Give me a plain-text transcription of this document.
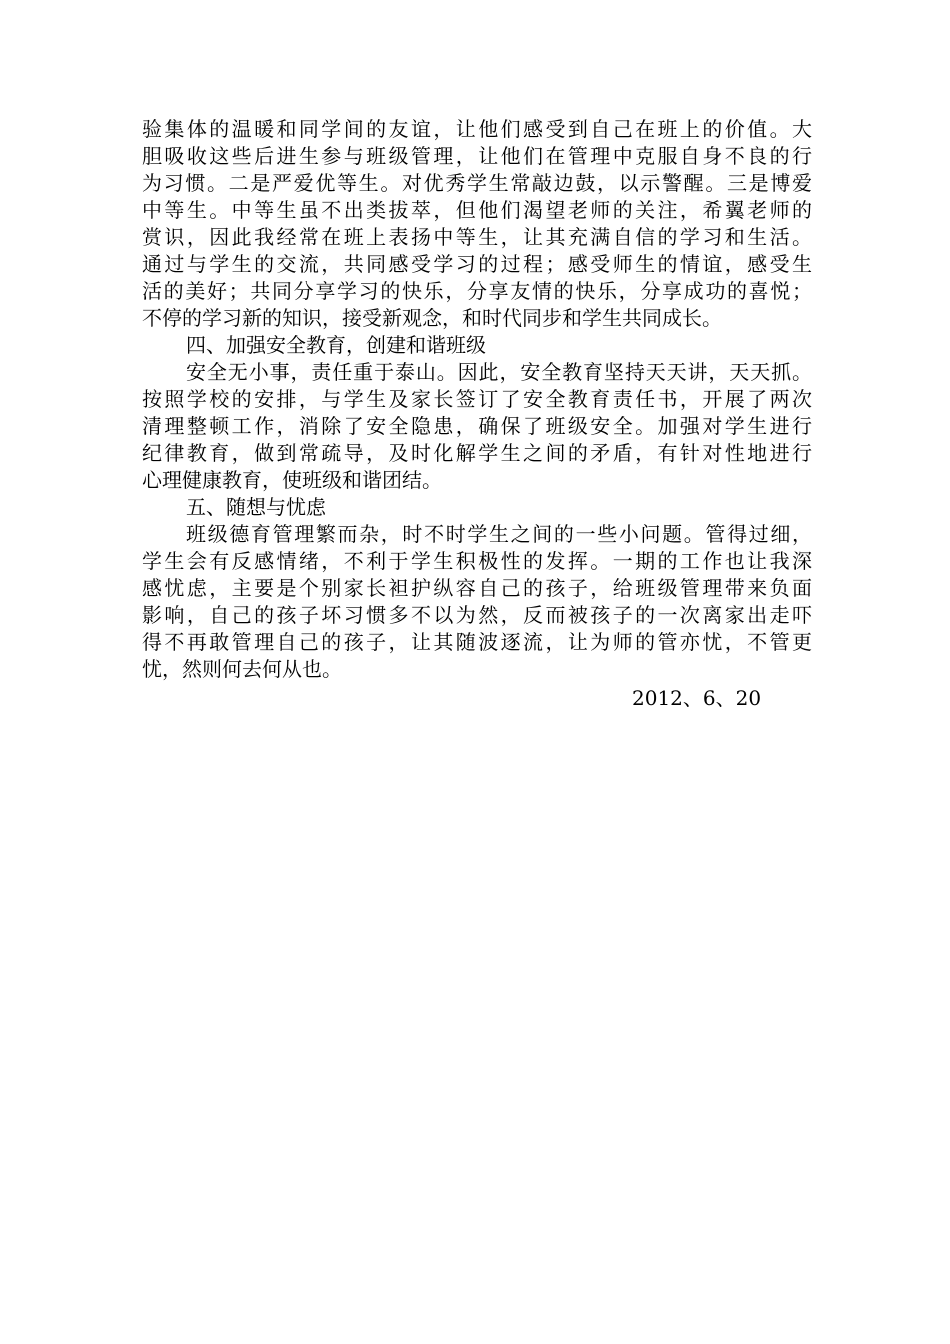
验集体的温暖和同学间的友谊，让他们感受到自己在班上的价值。大
胆吸收这些后进生参与班级管理，让他们在管理中克服自身不良的行
为习惯。二是严爱优等生。对优秀学生常敲边鼓，以示警醒。三是博爱
中等生。中等生虽不出类拔萃，但他们渴望老师的关注，希翼老师的
赏识，因此我经常在班上表扬中等生，让其充满自信的学习和生活。
通过与学生的交流，共同感受学习的过程；感受师生的情谊，感受生
活的美好；共同分享学习的快乐，分享友情的快乐，分享成功的喜悦；
不停的学习新的知识，接受新观念，和时代同步和学生共同成长。
四、加强安全教育，创建和谐班级
安全无小事，责任重于泰山。因此，安全教育坚持天天讲，天天抓。
按照学校的安排，与学生及家长签订了安全教育责任书，开展了两次
清理整顿工作，消除了安全隐患，确保了班级安全。加强对学生进行
纪律教育，做到常疏导，及时化解学生之间的矛盾，有针对性地进行
心理健康教育，使班级和谐团结。
五、随想与忧虑
班级德育管理繁而杂，时不时学生之间的一些小问题。管得过细，
学生会有反感情绪，不利于学生积极性的发挥。一期的工作也让我深
感忧虑，主要是个别家长袒护纵容自己的孩子，给班级管理带来负面
影响，自己的孩子坏习惯多不以为然，反而被孩子的一次离家出走吓
得不再敢管理自己的孩子，让其随波逐流，让为师的管亦忧，不管更
忧，然则何去何从也。
2012、6、20
